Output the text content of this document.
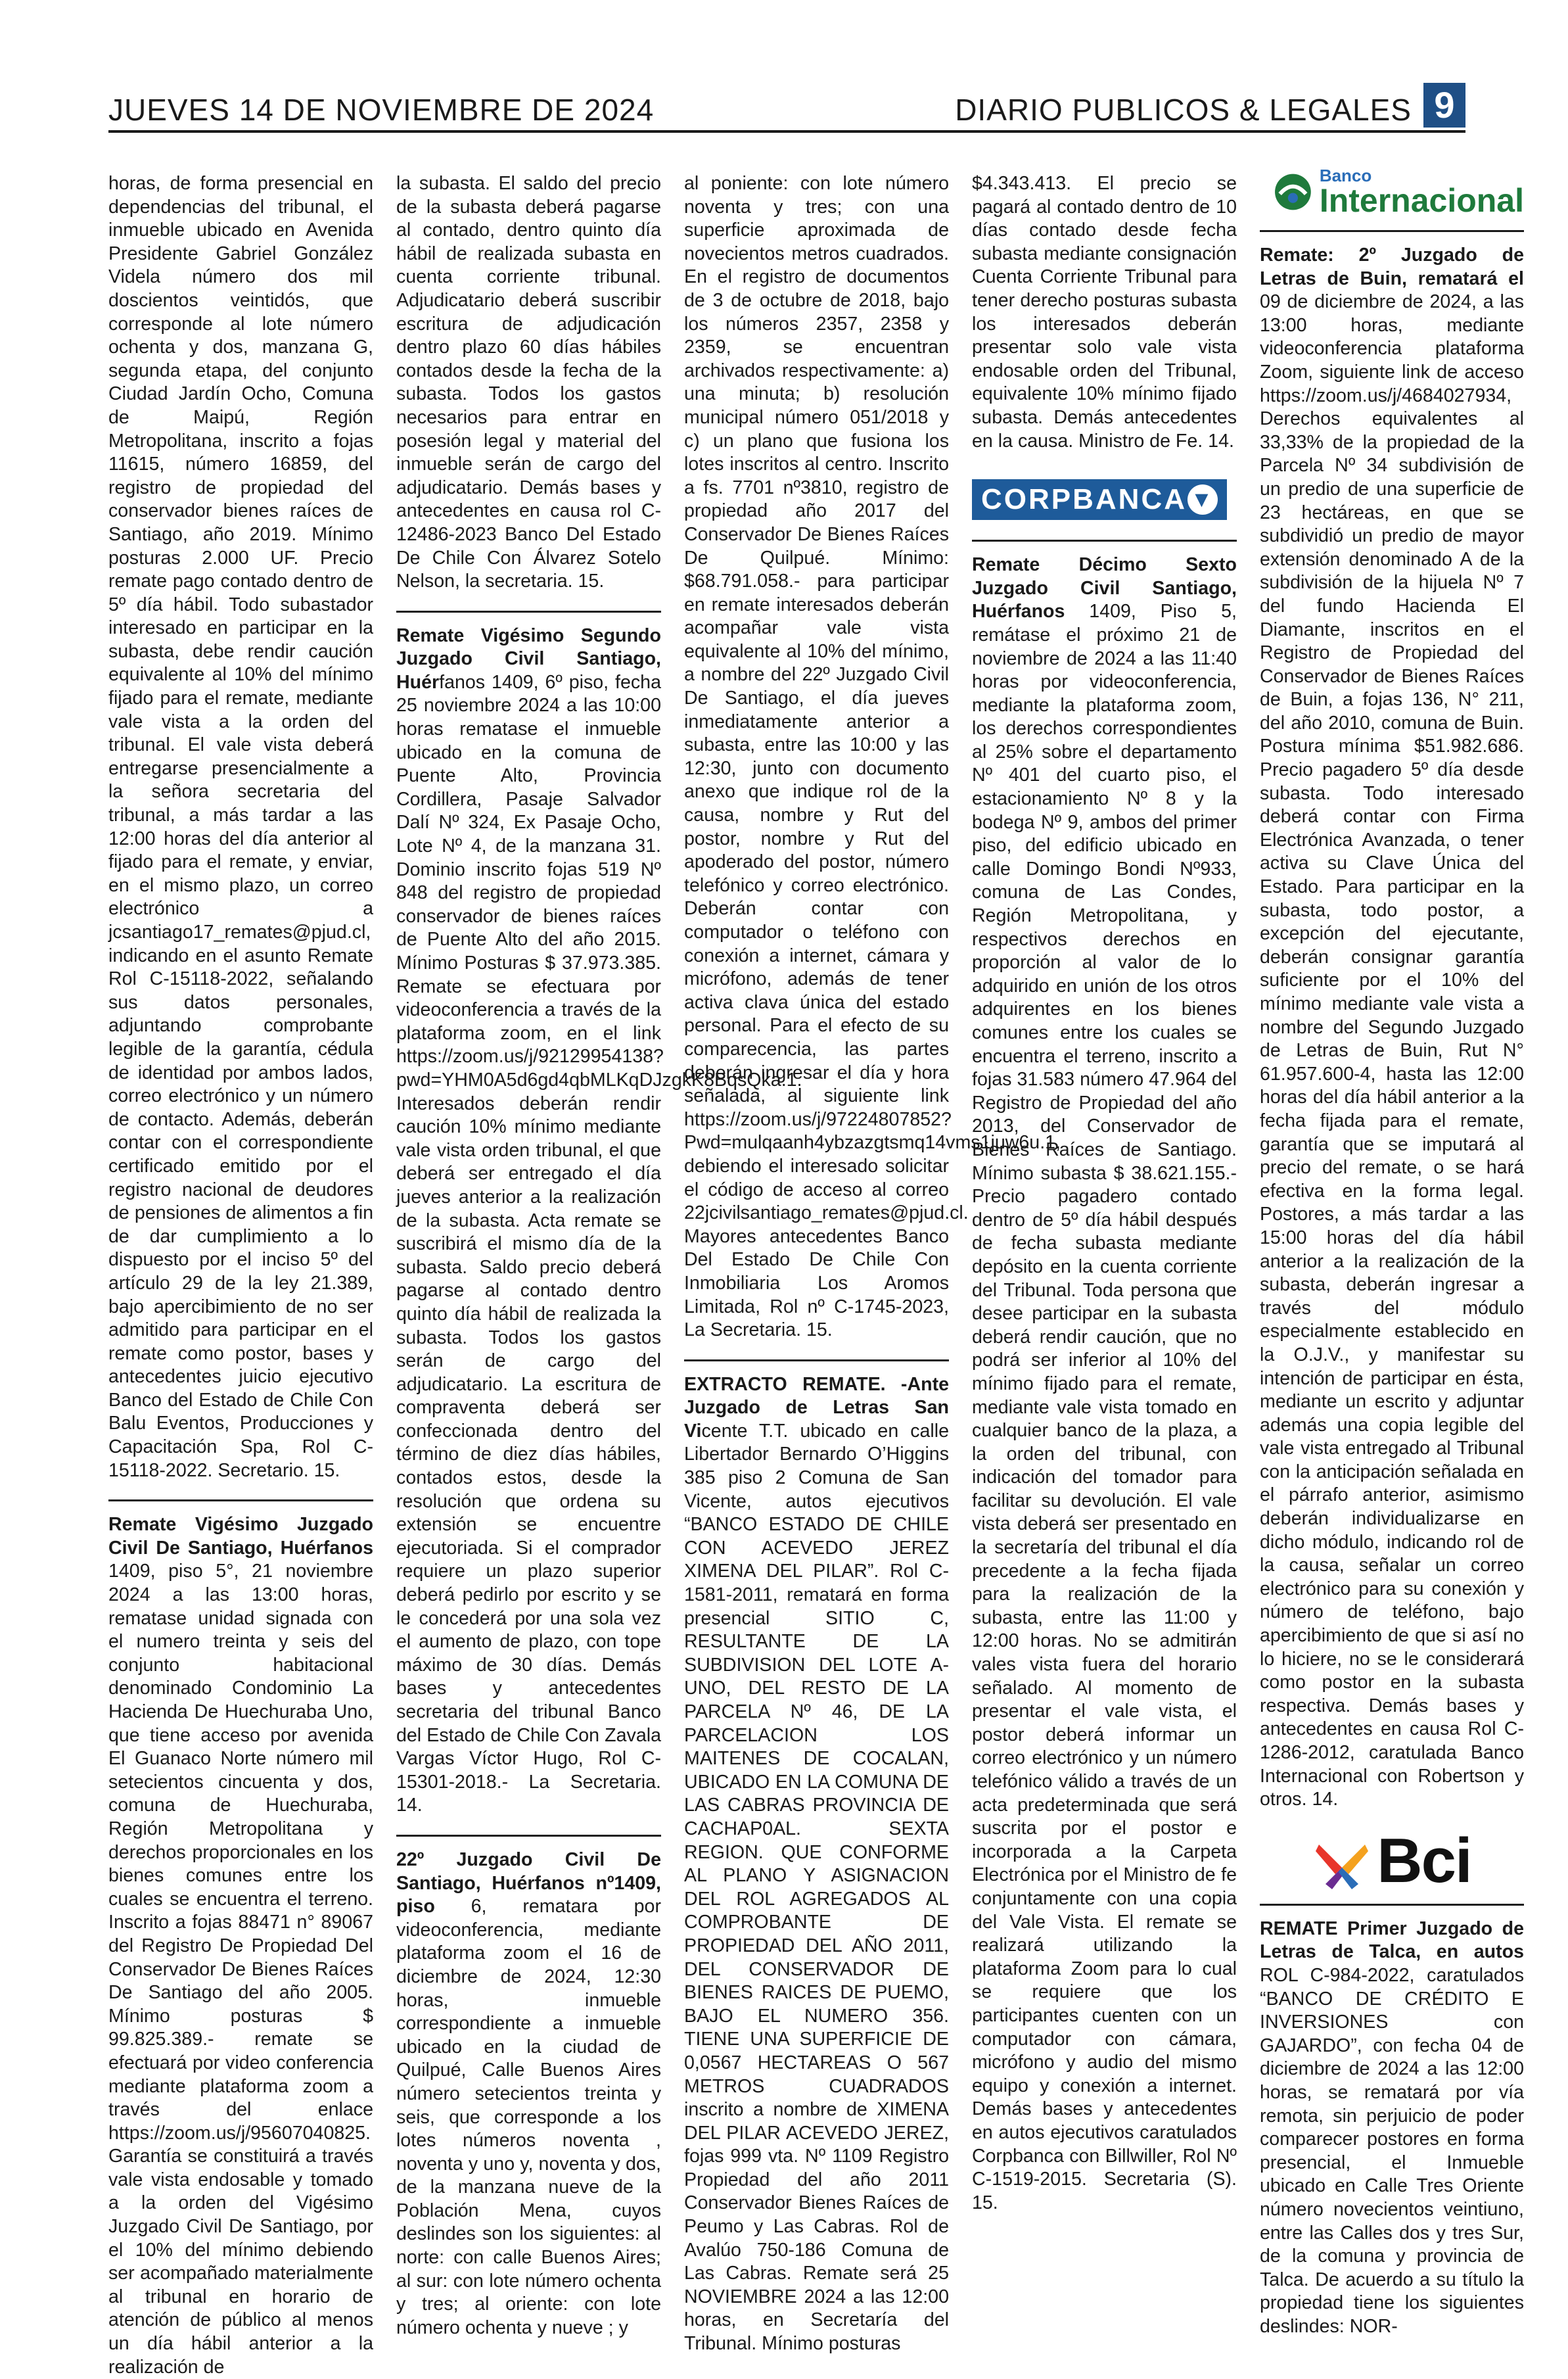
JUEVES 14 DE NOVIEMBRE DE 2024	DIARIO PUBLICOS & LEGALES 9

horas, de forma presencial en dependencias del tribunal, el inmueble ubicado en Avenida Presidente Gabriel González Videla número dos mil doscientos veintidós, que corresponde al lote número ochenta y dos, manzana G, segunda etapa, del conjunto Ciudad Jardín Ocho, Comuna de Maipú, Región Metropolitana, inscrito a fojas 11615, número 16859, del registro de propiedad del conservador bienes raíces de Santiago, año 2019. Mínimo posturas 2.000 UF. Precio remate pago contado dentro de 5º día hábil. Todo subastador interesado en participar en la subasta, debe rendir caución equivalente al 10% del mínimo fijado para el remate, mediante vale vista a la orden del tribunal. El vale vista deberá entregarse presencialmente a la señora secretaria del tribunal, a más tardar a las 12:00 horas del día anterior al fijado para el remate, y enviar, en el mismo plazo, un correo electrónico a jcsantiago17_remates@pjud.cl, indicando en el asunto Remate Rol C-15118-2022, señalando sus datos personales, adjuntando comprobante legible de la garantía, cédula de identidad por ambos lados, correo electrónico y un número de contacto. Además, deberán contar con el correspondiente certificado emitido por el registro nacional de deudores de pensiones de alimentos a fin de dar cumplimiento a lo dispuesto por el inciso 5º del artículo 29 de la ley 21.389, bajo apercibimiento de no ser admitido para participar en el remate como postor, bases y antecedentes juicio ejecutivo Banco del Estado de Chile Con Balu Eventos, Producciones y Capacitación Spa, Rol C-15118-2022. Secretario. 15.

Remate Vigésimo Juzgado Civil De Santiago, Huérfanos 1409, piso 5°, 21 noviembre 2024 a las 13:00 horas, rematase unidad signada con el numero treinta y seis del conjunto habitacional denominado Condominio La Hacienda De Huechuraba Uno, que tiene acceso por avenida El Guanaco Norte número mil setecientos cincuenta y dos, comuna de Huechuraba, Región Metropolitana y derechos proporcionales en los bienes comunes entre los cuales se encuentra el terreno. Inscrito a fojas 88471 n° 89067 del Registro De Propiedad Del Conservador De Bienes Raíces De Santiago del año 2005. Mínimo posturas $ 99.825.389.- remate se efectuará por video conferencia mediante plataforma zoom a través del enlace https://zoom.us/j/95607040825. Garantía se constituirá a través vale vista endosable y tomado a la orden del Vigésimo Juzgado Civil De Santiago, por el 10% del mínimo debiendo ser acompañado materialmente al tribunal en horario de atención de público al menos un día hábil anterior a la realización de

la subasta. El saldo del precio de la subasta deberá pagarse al contado, dentro quinto día hábil de realizada subasta en cuenta corriente tribunal. Adjudicatario deberá suscribir escritura de adjudicación dentro plazo 60 días hábiles contados desde la fecha de la subasta. Todos los gastos necesarios para entrar en posesión legal y material del inmueble serán de cargo del adjudicatario. Demás bases y antecedentes en causa rol C-12486-2023 Banco Del Estado De Chile Con Álvarez Sotelo Nelson, la secretaria. 15.

Remate Vigésimo Segundo Juzgado Civil Santiago, Huérfanos 1409, 6º piso, fecha 25 noviembre 2024 a las 10:00 horas rematase el inmueble ubicado en la comuna de Puente Alto, Provincia Cordillera, Pasaje Salvador Dalí Nº 324, Ex Pasaje Ocho, Lote Nº 4, de la manzana 31. Dominio inscrito fojas 519 Nº 848 del registro de propiedad conservador de bienes raíces de Puente Alto del año 2015. Mínimo Posturas $ 37.973.385. Remate se efectuara por videoconferencia a través de la plataforma zoom, en el link https://zoom.us/j/92129954138?pwd=YHM0A5d6gd4qbMLKqDJzgkK8BqsQka.1. Interesados deberán rendir caución 10% mínimo mediante vale vista orden tribunal, el que deberá ser entregado el día jueves anterior a la realización de la subasta. Acta remate se suscribirá el mismo día de la subasta. Saldo precio deberá pagarse al contado dentro quinto día hábil de realizada la subasta. Todos los gastos serán de cargo del adjudicatario. La escritura de compraventa deberá ser confeccionada dentro del término de diez días hábiles, contados estos, desde la resolución que ordena su extensión se encuentre ejecutoriada. Si el comprador requiere un plazo superior deberá pedirlo por escrito y se le concederá por una sola vez el aumento de plazo, con tope máximo de 30 días. Demás bases y antecedentes secretaria del tribunal Banco del Estado de Chile Con Zavala Vargas Víctor Hugo, Rol C-15301-2018.- La Secretaria. 14.

22º Juzgado Civil De Santiago, Huérfanos nº1409, piso 6, rematara por videoconferencia, mediante plataforma zoom el 16 de diciembre de 2024, 12:30 horas, inmueble correspondiente a inmueble ubicado en la ciudad de Quilpué, Calle Buenos Aires número setecientos treinta y seis, que corresponde a los lotes números noventa , noventa y uno y, noventa y dos, de la manzana nueve de la Población Mena, cuyos deslindes son los siguientes: al norte: con calle Buenos Aires; al sur: con lote número ochenta y tres; al oriente: con lote número ochenta y nueve ; y

al poniente: con lote número noventa y tres; con una superficie aproximada de novecientos metros cuadrados. En el registro de documentos de 3 de octubre de 2018, bajo los números 2357, 2358 y 2359, se encuentran archivados respectivamente: a) una minuta; b) resolución municipal número 051/2018 y c) un plano que fusiona los lotes inscritos al centro. Inscrito a fs. 7701 nº3810, registro de propiedad año 2017 del Conservador De Bienes Raíces De Quilpué. Mínimo: $68.791.058.- para participar en remate interesados deberán acompañar vale vista equivalente al 10% del mínimo, a nombre del 22º Juzgado Civil De Santiago, el día jueves inmediatamente anterior a subasta, entre las 10:00 y las 12:30, junto con documento anexo que indique rol de la causa, nombre y Rut del postor, nombre y Rut del apoderado del postor, número telefónico y correo electrónico. Deberán contar con computador o teléfono con conexión a internet, cámara y micrófono, además de tener activa clava única del estado personal. Para el efecto de su comparecencia, las partes deberán ingresar el día y hora señalada, al siguiente link https://zoom.us/j/97224807852?Pwd=mulqaanh4ybzazgtsmq14vms1juw6u.1, debiendo el interesado solicitar el código de acceso al correo 22jcivilsantiago_remates@pjud.cl. Mayores antecedentes Banco Del Estado De Chile Con Inmobiliaria Los Aromos Limitada, Rol nº C-1745-2023, La Secretaria. 15.

EXTRACTO REMATE. -Ante Juzgado de Letras San Vicente T.T. ubicado en calle Libertador Bernardo O’Higgins 385 piso 2 Comuna de San Vicente, autos ejecutivos “BANCO ESTADO DE CHILE CON ACEVEDO JEREZ XIMENA DEL PILAR”. Rol C-1581-2011, rematará en forma presencial SITIO C, RESULTANTE DE LA SUBDIVISION DEL LOTE A-UNO, DEL RESTO DE LA PARCELA Nº 46, DE LA PARCELACION LOS MAITENES DE COCALAN, UBICADO EN LA COMUNA DE LAS CABRAS PROVINCIA DE CACHAP0AL. SEXTA REGION. QUE CONFORME AL PLANO Y ASIGNACION DEL ROL AGREGADOS AL COMPROBANTE DE PROPIEDAD DEL AÑO 2011, DEL CONSERVADOR DE BIENES RAICES DE PUEMO, BAJO EL NUMERO 356. TIENE UNA SUPERFICIE DE 0,0567 HECTAREAS O 567 METROS CUADRADOS inscrito a nombre de XIMENA DEL PILAR ACEVEDO JEREZ, fojas 999 vta. Nº 1109 Registro Propiedad del año 2011 Conservador Bienes Raíces de Peumo y Las Cabras. Rol de Avalúo 750-186 Comuna de Las Cabras. Remate será 25 NOVIEMBRE 2024 a las 12:00 horas, en Secretaría del Tribunal. Mínimo posturas

$4.343.413. El precio se pagará al contado dentro de 10 días contado desde fecha subasta mediante consignación Cuenta Corriente Tribunal para tener derecho posturas subasta los interesados deberán presentar solo vale vista endosable orden del Tribunal, equivalente 10% mínimo fijado subasta. Demás antecedentes en la causa. Ministro de Fe. 14.

CORPBANCA ▼

Remate Décimo Sexto Juzgado Civil Santiago, Huérfanos 1409, Piso 5, remátase el próximo 21 de noviembre de 2024 a las 11:40 horas por videoconferencia, mediante la plataforma zoom, los derechos correspondientes al 25% sobre el departamento Nº 401 del cuarto piso, el estacionamiento Nº 8 y la bodega Nº 9, ambos del primer piso, del edificio ubicado en calle Domingo Bondi Nº933, comuna de Las Condes, Región Metropolitana, y respectivos derechos en proporción al valor de lo adquirido en unión de los otros adquirentes en los bienes comunes entre los cuales se encuentra el terreno, inscrito a fojas 31.583 número 47.964 del Registro de Propiedad del año 2013, del Conservador de Bienes Raíces de Santiago. Mínimo subasta $ 38.621.155.- Precio pagadero contado dentro de 5º día hábil después de fecha subasta mediante depósito en la cuenta corriente del Tribunal. Toda persona que desee participar en la subasta deberá rendir caución, que no podrá ser inferior al 10% del mínimo fijado para el remate, mediante vale vista tomado en cualquier banco de la plaza, a la orden del tribunal, con indicación del tomador para facilitar su devolución. El vale vista deberá ser presentado en la secretaría del tribunal el día precedente a la fecha fijada para la realización de la subasta, entre las 11:00 y 12:00 horas. No se admitirán vales vista fuera del horario señalado. Al momento de presentar el vale vista, el postor deberá informar un correo electrónico y un número telefónico válido a través de un acta predeterminada que será suscrita por el postor e incorporada a la Carpeta Electrónica por el Ministro de fe conjuntamente con una copia del Vale Vista. El remate se realizará utilizando la plataforma Zoom para lo cual se requiere que los participantes cuenten con un computador con cámara, micrófono y audio del mismo equipo y conexión a internet. Demás bases y antecedentes en autos ejecutivos caratulados Corpbanca con Billwiller, Rol Nº C-1519-2015. Secretaria (S). 15.

Banco
Internacional

Remate: 2º Juzgado de Letras de Buin, rematará el 09 de diciembre de 2024, a las 13:00 horas, mediante videoconferencia plataforma Zoom, siguiente link de acceso https://zoom.us/j/4684027934, Derechos equivalentes al 33,33% de la propiedad de la Parcela Nº 34 subdivisión de un predio de una superficie de 23 hectáreas, en que se subdividió un predio de mayor extensión denominado A de la subdivisión de la hijuela Nº 7 del fundo Hacienda El Diamante, inscritos en el Registro de Propiedad del Conservador de Bienes Raíces de Buin, a fojas 136, N° 211, del año 2010, comuna de Buin. Postura mínima $51.982.686. Precio pagadero 5º día desde subasta. Todo interesado deberá contar con Firma Electrónica Avanzada, o tener activa su Clave Única del Estado. Para participar en la subasta, todo postor, a excepción del ejecutante, deberán consignar garantía suficiente por el 10% del mínimo mediante vale vista a nombre del Segundo Juzgado de Letras de Buin, Rut N° 61.957.600-4, hasta las 12:00 horas del día hábil anterior a la fecha fijada para el remate, garantía que se imputará al precio del remate, o se hará efectiva en la forma legal. Postores, a más tardar a las 15:00 horas del día hábil anterior a la realización de la subasta, deberán ingresar a través del módulo especialmente establecido en la O.J.V., y manifestar su intención de participar en ésta, mediante un escrito y adjuntar además una copia legible del vale vista entregado al Tribunal con la anticipación señalada en el párrafo anterior, asimismo deberán individualizarse en dicho módulo, indicando rol de la causa, señalar un correo electrónico para su conexión y número de teléfono, bajo apercibimiento de que si así no lo hiciere, no se le considerará como postor en la subasta respectiva. Demás bases y antecedentes en causa Rol C-1286-2012, caratulada Banco Internacional con Robertson y otros. 14.

Bci

REMATE Primer Juzgado de Letras de Talca, en autos ROL C-984-2022, caratulados “BANCO DE CRÉDITO E INVERSIONES con GAJARDO”, con fecha 04 de diciembre de 2024 a las 12:00 horas, se rematará por vía remota, sin perjuicio de poder comparecer postores en forma presencial, el Inmueble ubicado en Calle Tres Oriente número novecientos veintiuno, entre las Calles dos y tres Sur, de la comuna y provincia de Talca. De acuerdo a su título la propiedad tiene los siguientes deslindes: NOR-
